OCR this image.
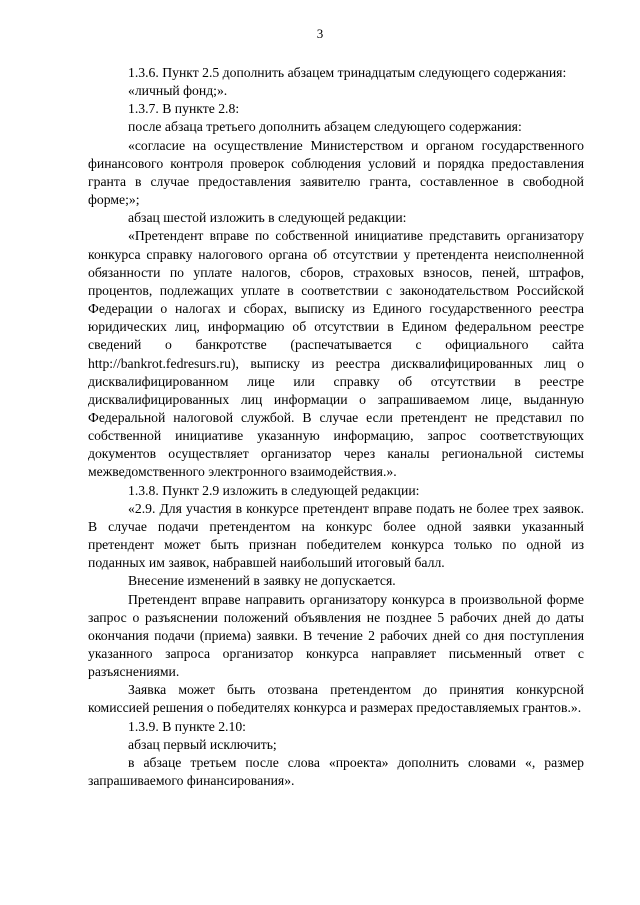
3

1.3.6. Пункт 2.5 дополнить абзацем тринадцатым следующего содержания:

«личный фонд;».

1.3.7. В пункте 2.8:

после абзаца третьего дополнить абзацем следующего содержания:

«согласие на осуществление Министерством и органом государственного финансового контроля проверок соблюдения условий и порядка предоставления гранта в случае предоставления заявителю гранта, составленное в свободной форме;»;

абзац шестой изложить в следующей редакции:

«Претендент вправе по собственной инициативе представить организатору конкурса справку налогового органа об отсутствии у претендента неисполненной обязанности по уплате налогов, сборов, страховых взносов, пеней, штрафов, процентов, подлежащих уплате в соответствии с законодательством Российской Федерации о налогах и сборах, выписку из Единого государственного реестра юридических лиц, информацию об отсутствии в Едином федеральном реестре сведений о банкротстве (распечатывается с официального сайта http://bankrot.fedresurs.ru), выписку из реестра дисквалифицированных лиц о дисквалифицированном лице или справку об отсутствии в реестре дисквалифицированных лиц информации о запрашиваемом лице, выданную Федеральной налоговой службой. В случае если претендент не представил по собственной инициативе указанную информацию, запрос соответствующих документов осуществляет организатор через каналы региональной системы межведомственного электронного взаимодействия.».

1.3.8. Пункт 2.9 изложить в следующей редакции:

«2.9. Для участия в конкурсе претендент вправе подать не более трех заявок. В случае подачи претендентом на конкурс более одной заявки указанный претендент может быть признан победителем конкурса только по одной из поданных им заявок, набравшей наибольший итоговый балл.

Внесение изменений в заявку не допускается.

Претендент вправе направить организатору конкурса в произвольной форме запрос о разъяснении положений объявления не позднее 5 рабочих дней до даты окончания подачи (приема) заявки. В течение 2 рабочих дней со дня поступления указанного запроса организатор конкурса направляет письменный ответ с разъяснениями.

Заявка может быть отозвана претендентом до принятия конкурсной комиссией решения о победителях конкурса и размерах предоставляемых грантов.».

1.3.9. В пункте 2.10:

абзац первый исключить;

в абзаце третьем после слова «проекта» дополнить словами «, размер запрашиваемого финансирования».
